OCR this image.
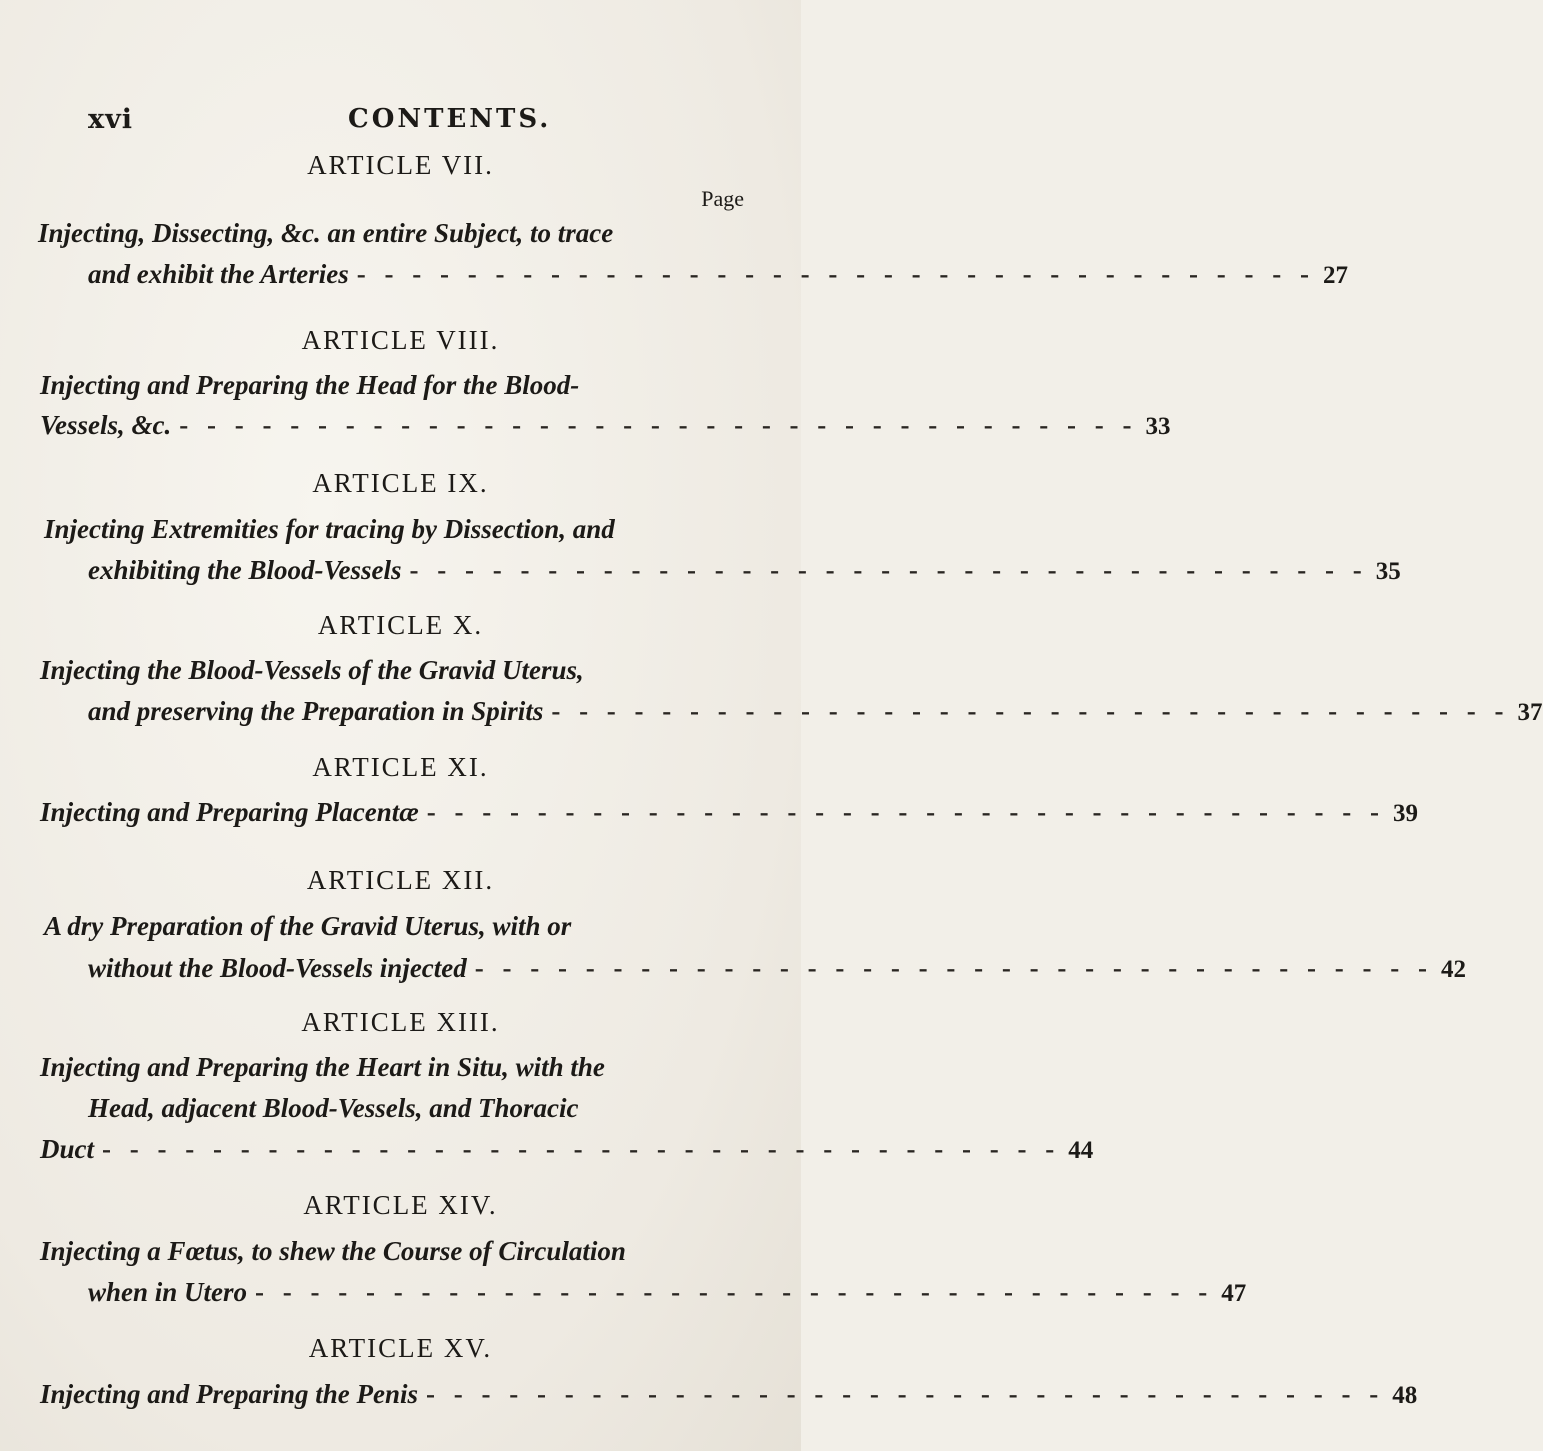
xvi	CONTENTS.
Page
ARTICLE VII.
Injecting, Dissecting, &c. an entire Subject, to trace
and exhibit the Arteries - - - - - - - - - - - - - - - - - - - - - - - - - - - - - - - - - - - 27
ARTICLE VIII.
Injecting and Preparing the Head for the Blood-
Vessels, &c. - - - - - - - - - - - - - - - - - - - - - - - - - - - - - - - - - - - 33
ARTICLE IX.
Injecting Extremities for tracing by Dissection, and
exhibiting the Blood-Vessels - - - - - - - - - - - - - - - - - - - - - - - - - - - - - - - - - - - 35
ARTICLE X.
Injecting the Blood-Vessels of the Gravid Uterus,
and preserving the Preparation in Spirits - - - - - - - - - - - - - - - - - - - - - - - - - - - - - - - - - - - 37
ARTICLE XI.
Injecting and Preparing Placentæ - - - - - - - - - - - - - - - - - - - - - - - - - - - - - - - - - - - 39
ARTICLE XII.
A dry Preparation of the Gravid Uterus, with or
without the Blood-Vessels injected - - - - - - - - - - - - - - - - - - - - - - - - - - - - - - - - - - - 42
ARTICLE XIII.
Injecting and Preparing the Heart in Situ, with the
Head, adjacent Blood-Vessels, and Thoracic
Duct - - - - - - - - - - - - - - - - - - - - - - - - - - - - - - - - - - - 44
ARTICLE XIV.
Injecting a Fœtus, to shew the Course of Circulation
when in Utero - - - - - - - - - - - - - - - - - - - - - - - - - - - - - - - - - - - 47
ARTICLE XV.
Injecting and Preparing the Penis - - - - - - - - - - - - - - - - - - - - - - - - - - - - - - - - - - - 48
